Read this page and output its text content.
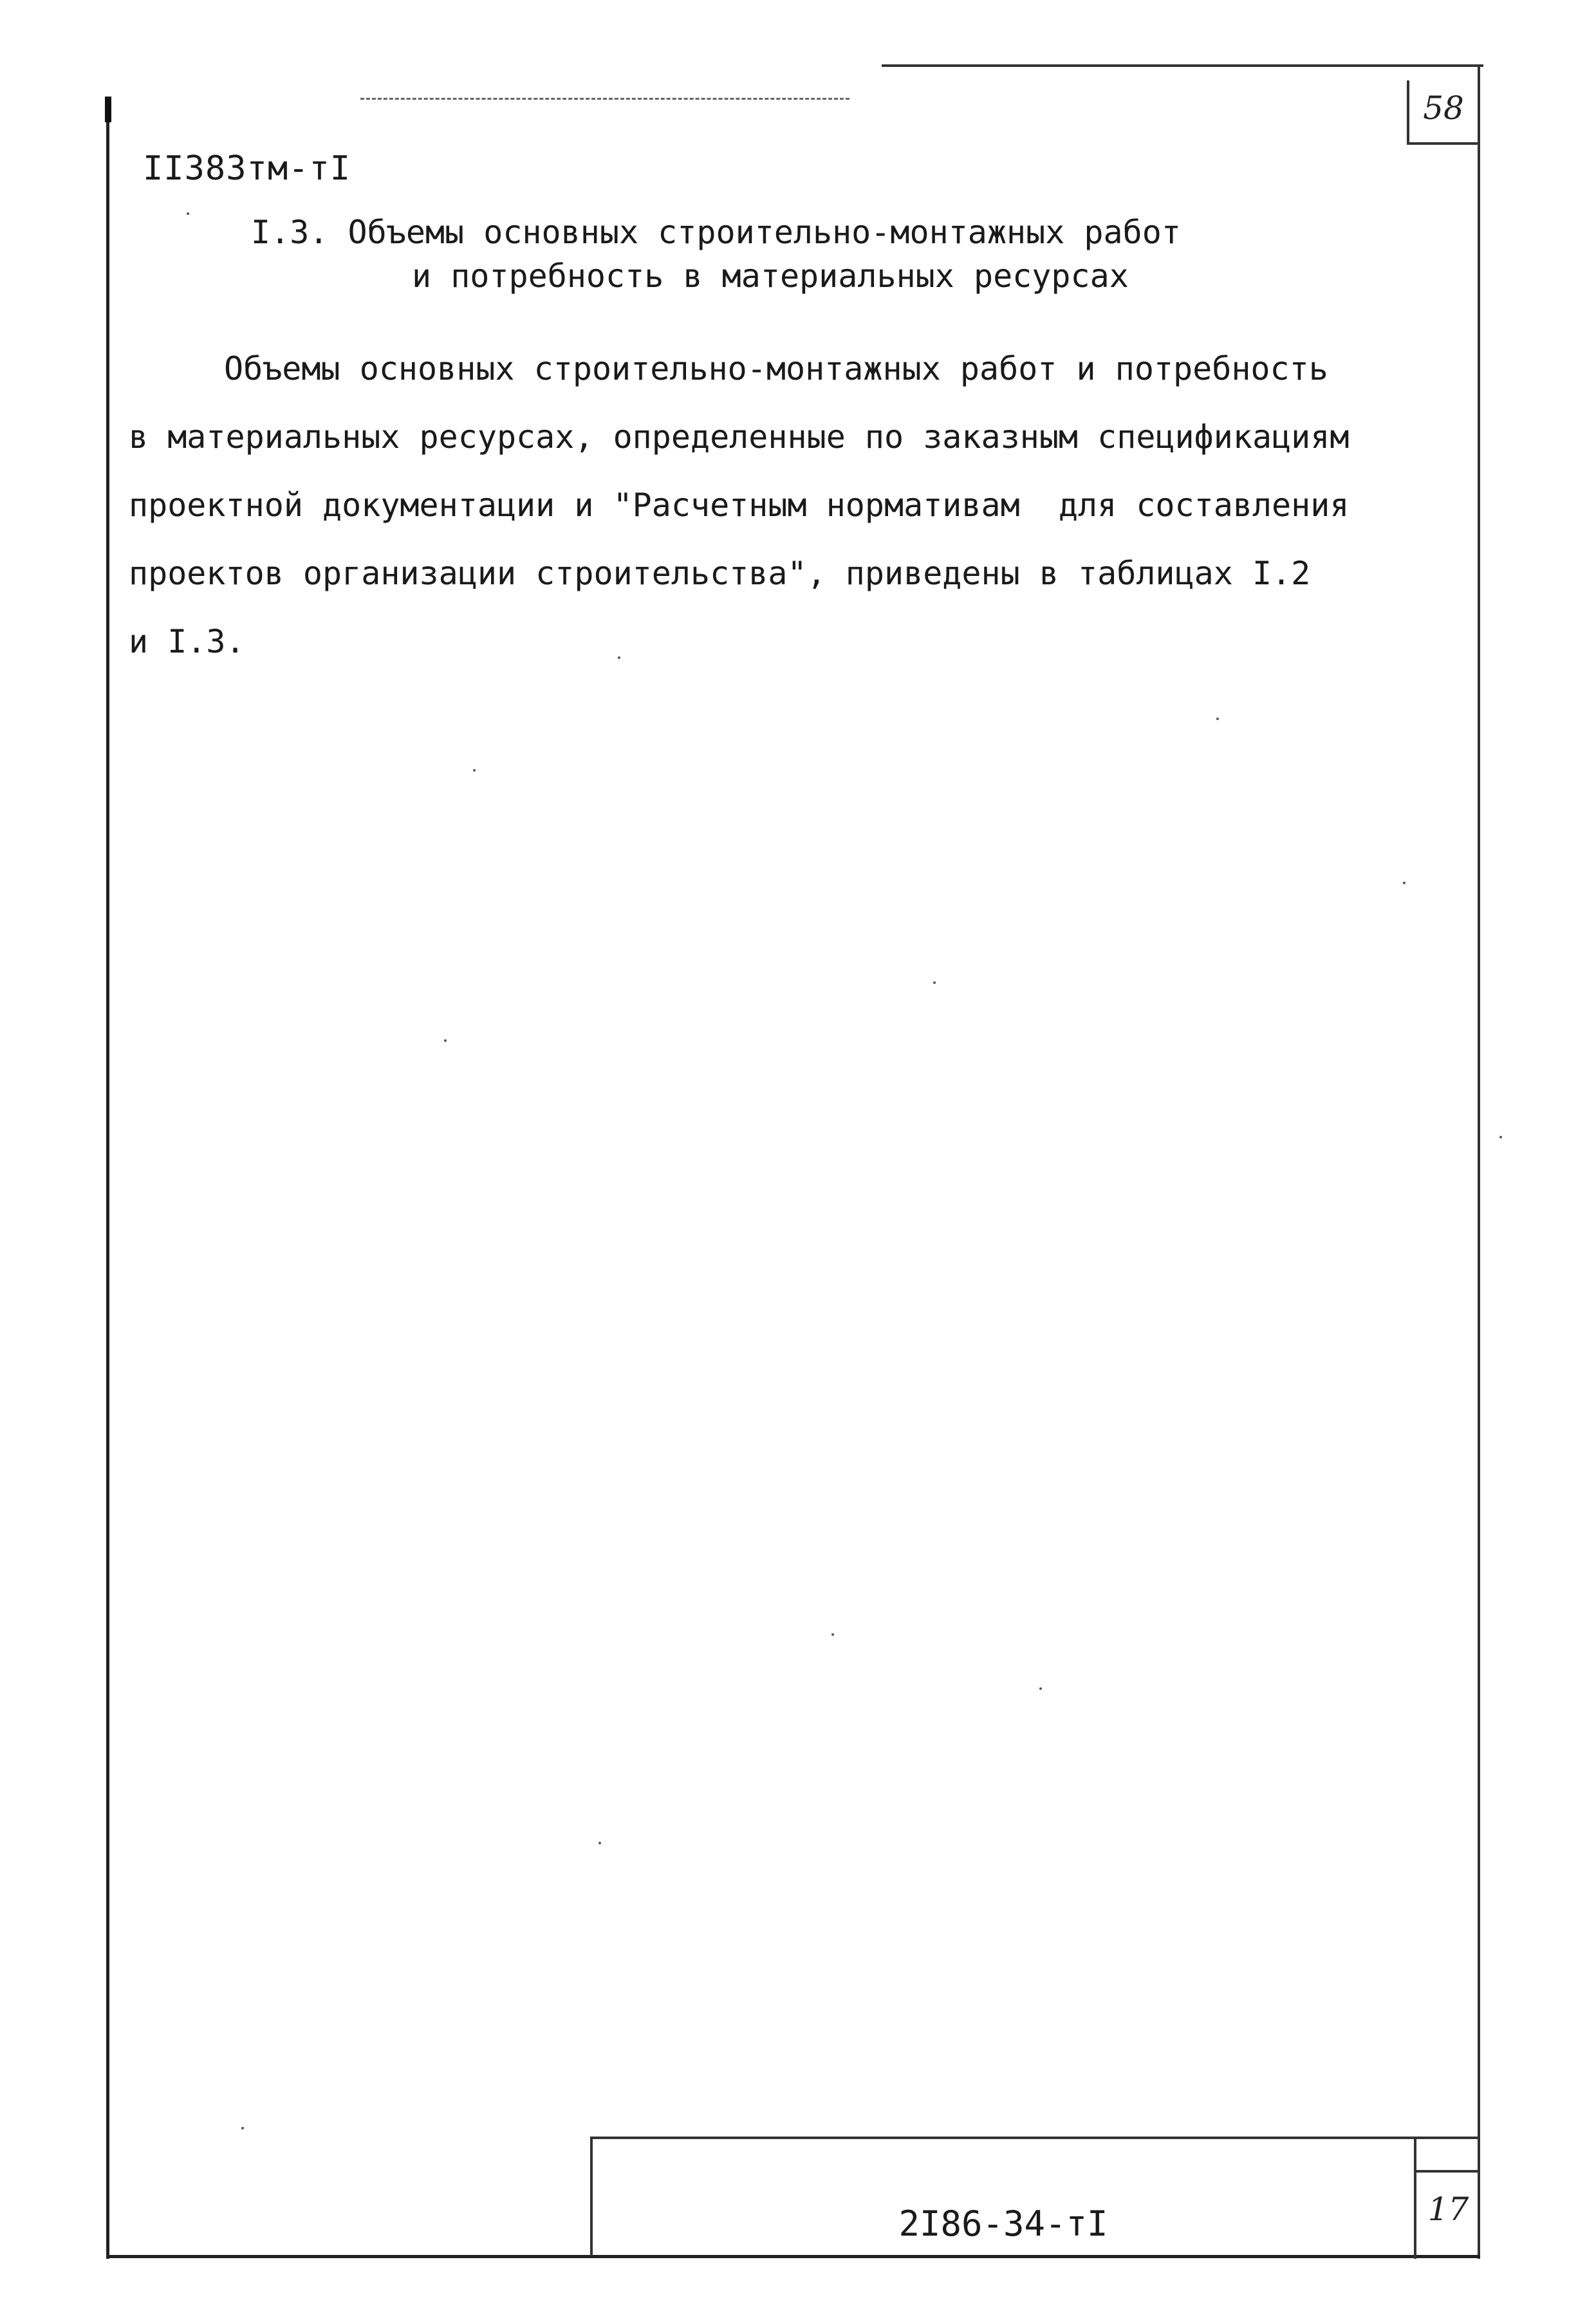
58
II383тм-тI
I.3. Объемы основных строительно-монтажных работ
и потребность в материальных ресурсах
Объемы основных строительно-монтажных работ и потребность
в материальных ресурсах, определенные по заказным спецификациям
проектной документации и "Расчетным нормативам  для составления
проектов организации строительства", приведены в таблицах I.2
и I.3.
2I86-34-тI	17
